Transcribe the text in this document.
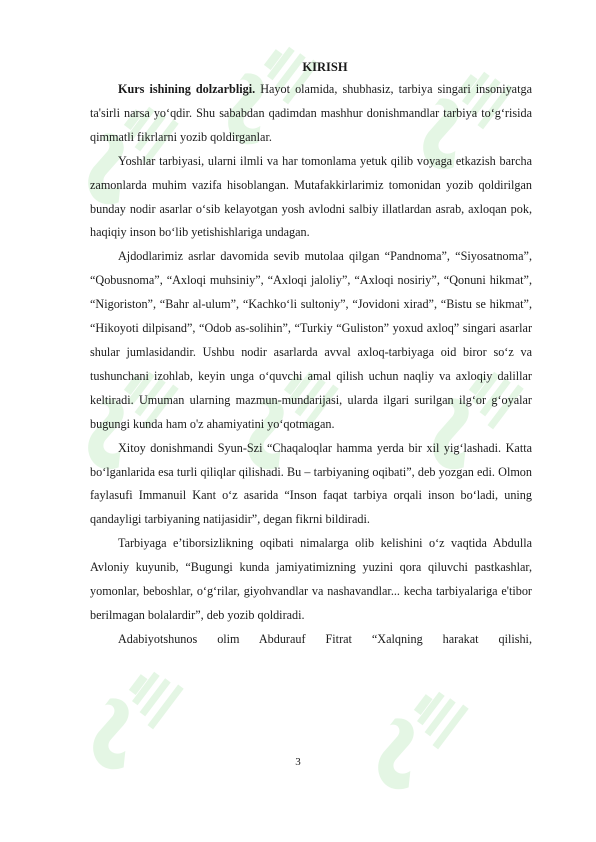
KIRISH

Kurs ishining dolzarbligi. Hayot olamida, shubhasiz, tarbiya singari insoniyatga ta'sirli narsa yo‘qdir. Shu sababdan qadimdan mashhur donishmandlar tarbiya to‘g‘risida qimmatli fikrlarni yozib qoldirganlar.

Yoshlar tarbiyasi, ularni ilmli va har tomonlama yetuk qilib voyaga etkazish barcha zamonlarda muhim vazifa hisoblangan. Mutafakkirlarimiz tomonidan yozib qoldirilgan bunday nodir asarlar o‘sib kelayotgan yosh avlodni salbiy illatlardan asrab, axloqan pok, haqiqiy inson bo‘lib yetishishlariga undagan.

Ajdodlarimiz asrlar davomida sevib mutolaa qilgan “Pandnoma”, “Siyosatnoma”, “Qobusnoma”, “Axloqi muhsiniy”, “Axloqi jaloliy”, “Axloqi nosiriy”, “Qonuni hikmat”, “Nigoriston”, “Bahr al-ulum”, “Kachko‘li sultoniy”, “Jovidoni xirad”, “Bistu se hikmat”, “Hikoyoti dilpisand”, “Odob as-solihin”, “Turkiy “Guliston” yoxud axloq” singari asarlar shular jumlasidandir. Ushbu nodir asarlarda avval axloq-tarbiyaga oid biror so‘z va tushunchani izohlab, keyin unga o‘quvchi amal qilish uchun naqliy va axloqiy dalillar keltiradi. Umuman ularning mazmun-mundarijasi, ularda ilgari surilgan ilg‘or g‘oyalar bugungi kunda ham o'z ahamiyatini yo‘qotmagan.

Xitoy donishmandi Syun-Szi “Chaqaloqlar hamma yerda bir xil yig‘lashadi. Katta bo‘lganlarida esa turli qiliqlar qilishadi. Bu – tarbiyaning oqibati”, deb yozgan edi. Olmon faylasufi Immanuil Kant o‘z asarida “Inson faqat tarbiya orqali inson bo‘ladi, uning qandayligi tarbiyaning natijasidir”, degan fikrni bildiradi.

Tarbiyaga e’tiborsizlikning oqibati nimalarga olib kelishini o‘z vaqtida Abdulla Avloniy kuyunib, “Bugungi kunda jamiyatimizning yuzini qora qiluvchi pastkashlar, yomonlar, beboshlar, o‘g‘rilar, giyohvandlar va nashavandlar... kecha tarbiyalariga e'tibor berilmagan bolalardir”, deb yozib qoldiradi.

Adabiyotshunos olim Abdurauf Fitrat “Xalqning harakat qilishi,

3
